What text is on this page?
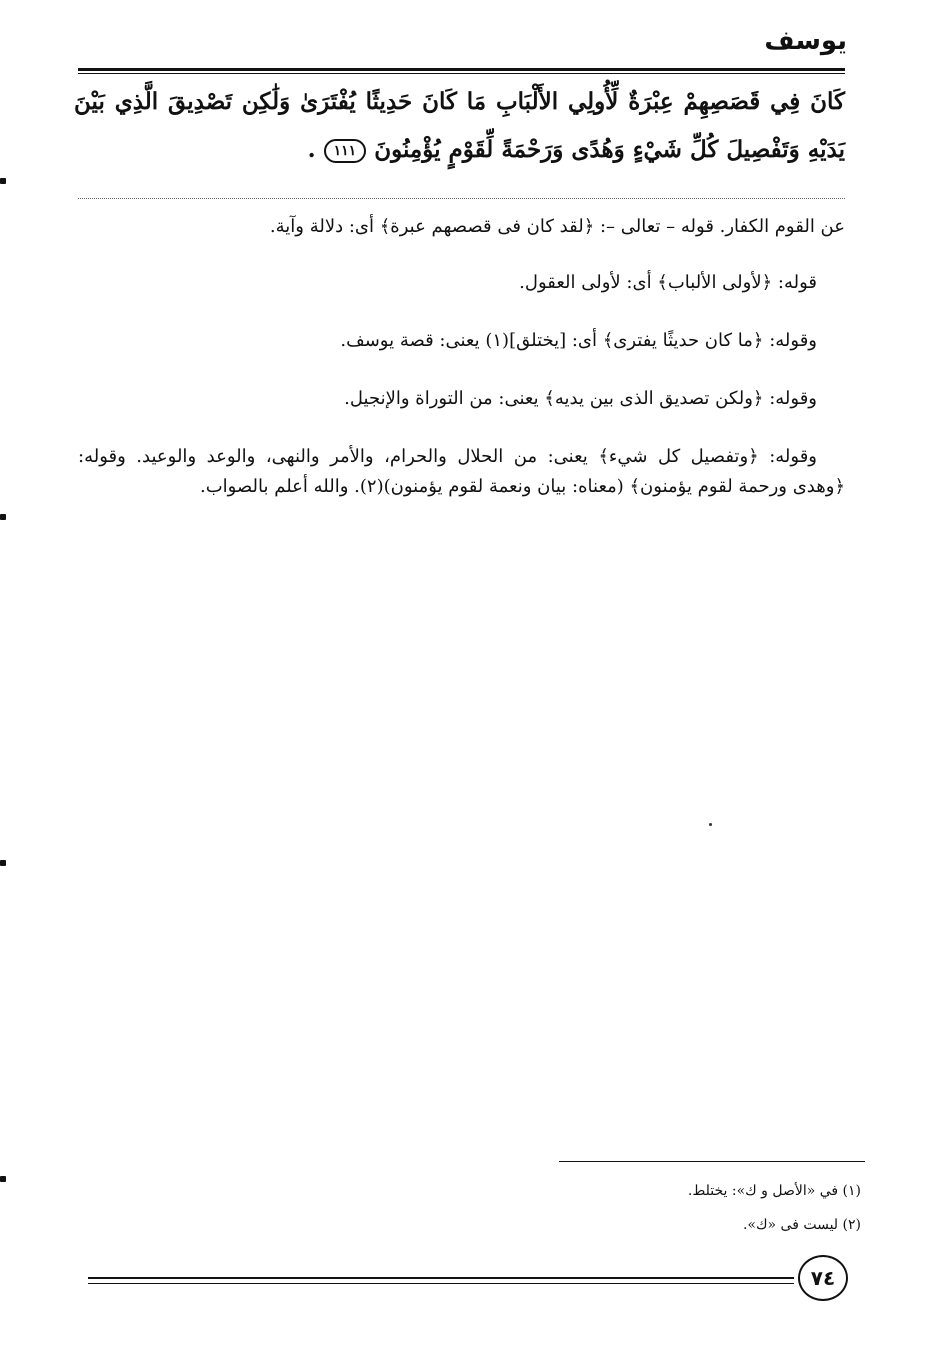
يوسف
كَانَ فِي قَصَصِهِمْ عِبْرَةٌ لِّأُولِي الأَلْبَابِ مَا كَانَ حَدِيثًا يُفْتَرَىٰ وَلَٰكِن تَصْدِيقَ الَّذِي بَيْنَ يَدَيْهِ وَتَفْصِيلَ كُلِّ شَيْءٍ وَهُدًى وَرَحْمَةً لِّقَوْمٍ يُؤْمِنُونَ ١١١ .

عن القوم الكفار. قوله – تعالى –: ﴿لقد كان فى قصصهم عبرة﴾ أى: دلالة وآية.

قوله: ﴿لأولى الألباب﴾ أى: لأولى العقول.

وقوله: ﴿ما كان حديثًا يفترى﴾ أى: [يختلق](١) يعنى: قصة يوسف.

وقوله: ﴿ولكن تصديق الذى بين يديه﴾ يعنى: من التوراة والإنجيل.

وقوله: ﴿وتفصيل كل شيء﴾ يعنى: من الحلال والحرام، والأمر والنهى، والوعد والوعيد. وقوله: ﴿وهدى ورحمة لقوم يؤمنون﴾ (معناه: بيان ونعمة لقوم يؤمنون)(٢). والله أعلم بالصواب.

(١) في «الأصل و ك»: يختلط.
(٢) ليست فى «ك».
٧٤
